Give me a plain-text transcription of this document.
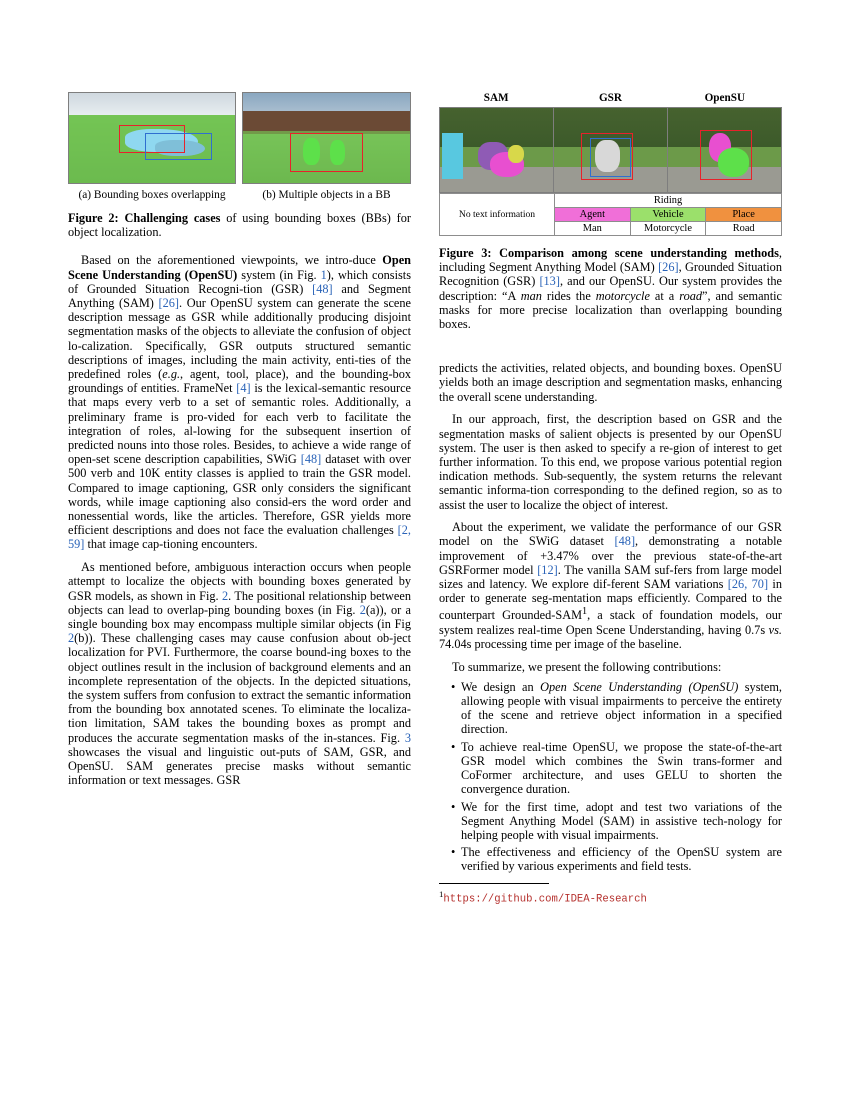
(a) Bounding boxes overlapping	(b) Multiple objects in a BB
Figure 2: Challenging cases of using bounding boxes (BBs) for object localization.

Based on the aforementioned viewpoints, we intro-duce Open Scene Understanding (OpenSU) system (in Fig. 1), which consists of Grounded Situation Recogni-tion (GSR) [48] and Segment Anything (SAM) [26]. Our OpenSU system can generate the scene description message as GSR while additionally producing disjoint segmentation masks of the objects to alleviate the confusion of object lo-calization. Specifically, GSR outputs structured semantic descriptions of images, including the main activity, enti-ties of the predefined roles (e.g., agent, tool, place), and the bounding-box groundings of entities. FrameNet [4] is the lexical-semantic resource that maps every verb to a set of semantic roles. Additionally, a preliminary frame is pro-vided for each verb to facilitate the integration of roles, al-lowing for the subsequent insertion of predicted nouns into those roles. Besides, to achieve a wide range of open-set scene description capabilities, SWiG [48] dataset with over 500 verb and 10K entity classes is applied to train the GSR model. Compared to image captioning, GSR only considers the significant words, while image captioning also consid-ers the word order and nonessential words, like the articles. Therefore, GSR yields more efficient descriptions and does not face the evaluation challenges [2, 59] that image cap-tioning encounters.

As mentioned before, ambiguous interaction occurs when people attempt to localize the objects with bounding boxes generated by GSR models, as shown in Fig. 2. The positional relationship between objects can lead to overlap-ping bounding boxes (in Fig. 2(a)), or a single bounding box may encompass multiple similar objects (in Fig 2(b)). These challenging cases may cause confusion about ob-ject localization for PVI. Furthermore, the coarse bound-ing boxes to the object outlines result in the inclusion of background elements and an incomplete representation of the objects. In the depicted situations, the system suffers from confusion to extract the semantic information from the bounding box annotated scenes. To eliminate the localiza-tion limitation, SAM takes the bounding boxes as prompt and produces the accurate segmentation masks of the in-stances. Fig. 3 showcases the visual and linguistic out-puts of SAM, GSR, and OpenSU. SAM generates precise masks without semantic information or text messages. GSR

SAM	GSR	OpenSU
No text information	Riding		
	Agent	Vehicle	Place
	Man	Motorcycle	Road
Figure 3: Comparison among scene understanding methods, including Segment Anything Model (SAM) [26], Grounded Situation Recognition (GSR) [13], and our OpenSU. Our system provides the description: “A man rides the motorcycle at a road”, and semantic masks for more precise localization than overlapping bounding boxes.

predicts the activities, related objects, and bounding boxes. OpenSU yields both an image description and segmentation masks, enhancing the overall scene understanding.

In our approach, first, the description based on GSR and the segmentation masks of salient objects is presented by our OpenSU system. The user is then asked to specify a re-gion of interest to get further information. To this end, we propose various potential region indication methods. Sub-sequently, the system returns the relevant semantic informa-tion corresponding to the defined region, so as to assist the user to localize the object of interest.

About the experiment, we validate the performance of our GSR model on the SWiG dataset [48], demonstrating a notable improvement of +3.47% over the previous state-of-the-art GSRFormer model [12]. The vanilla SAM suf-fers from large model sizes and latency. We explore dif-ferent SAM variations [26, 70] in order to generate seg-mentation maps efficiently. Compared to the counterpart Grounded-SAM$^1$, a stack of foundation models, our system realizes real-time Open Scene Understanding, having 0.7s vs. 74.04s processing time per image of the baseline.

To summarize, we present the following contributions:

• We design an Open Scene Understanding (OpenSU) system, allowing people with visual impairments to perceive the entirety of the scene and retrieve object information in a specified direction.
• To achieve real-time OpenSU, we propose the state-of-the-art GSR model which combines the Swin trans-former and CoFormer architecture, and uses GELU to shorten the convergence duration.
• We for the first time, adopt and test two variations of the Segment Anything Model (SAM) in assistive tech-nology for helping people with visual impairments.
• The effectiveness and efficiency of the OpenSU system are verified by various experiments and field tests.
$^1$https://github.com/IDEA-Research
